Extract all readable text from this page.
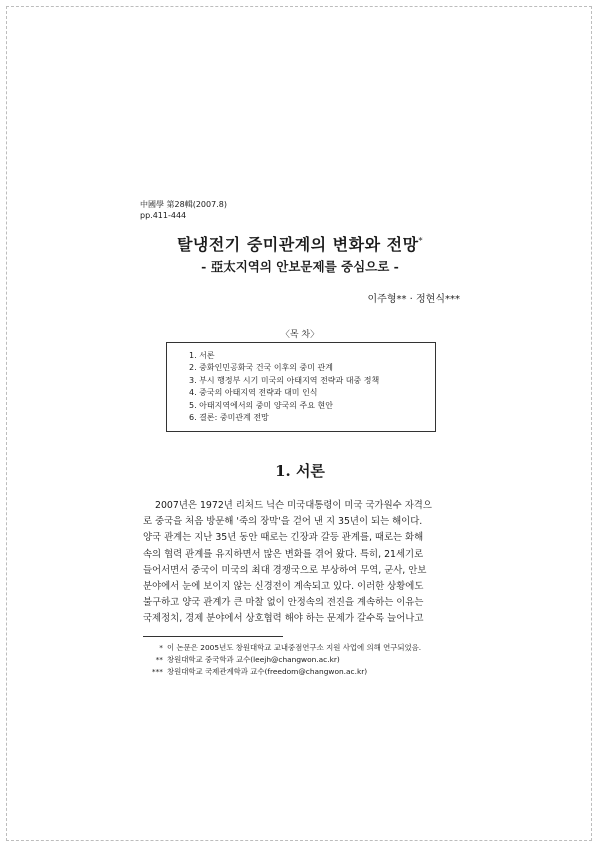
中國學 第28輯(2007.8)
pp.411-444
탈냉전기 중미관계의 변화와 전망*
- 亞太지역의 안보문제를 중심으로 -
이주형** · 정현식***
〈목 차〉
1. 서론
2. 중화인민공화국 건국 이후의 중미 관계
3. 부시 행정부 시기 미국의 아태지역 전략과 대중 정책
4. 중국의 아태지역 전략과 대미 인식
5. 아태지역에서의 중미 양국의 주요 현안
6. 결론: 중미관계 전망
1. 서론
2007년은 1972년 리처드 닉슨 미국대통령이 미국 국가원수 자격으
로 중국을 처음 방문해 '죽의 장막'을 걷어 낸 지 35년이 되는 해이다.
양국 관계는 지난 35년 동안 때로는 긴장과 갈등 관계를, 때로는 화해
속의 협력 관계를 유지하면서 많은 변화를 겪어 왔다. 특히, 21세기로
들어서면서 중국이 미국의 최대 경쟁국으로 부상하여 무역, 군사, 안보
분야에서 눈에 보이지 않는 신경전이 계속되고 있다. 이러한 상황에도
불구하고 양국 관계가 큰 마찰 없이 안정속의 전진을 계속하는 이유는
국제정치, 경제 분야에서 상호협력 해야 하는 문제가 갈수록 늘어나고
* 이 논문은 2005년도 창원대학교 교내중점연구소 지원 사업에 의해 연구되었음.
** 창원대학교 중국학과 교수(leejh@changwon.ac.kr)
*** 창원대학교 국제관계학과 교수(freedom@changwon.ac.kr)
